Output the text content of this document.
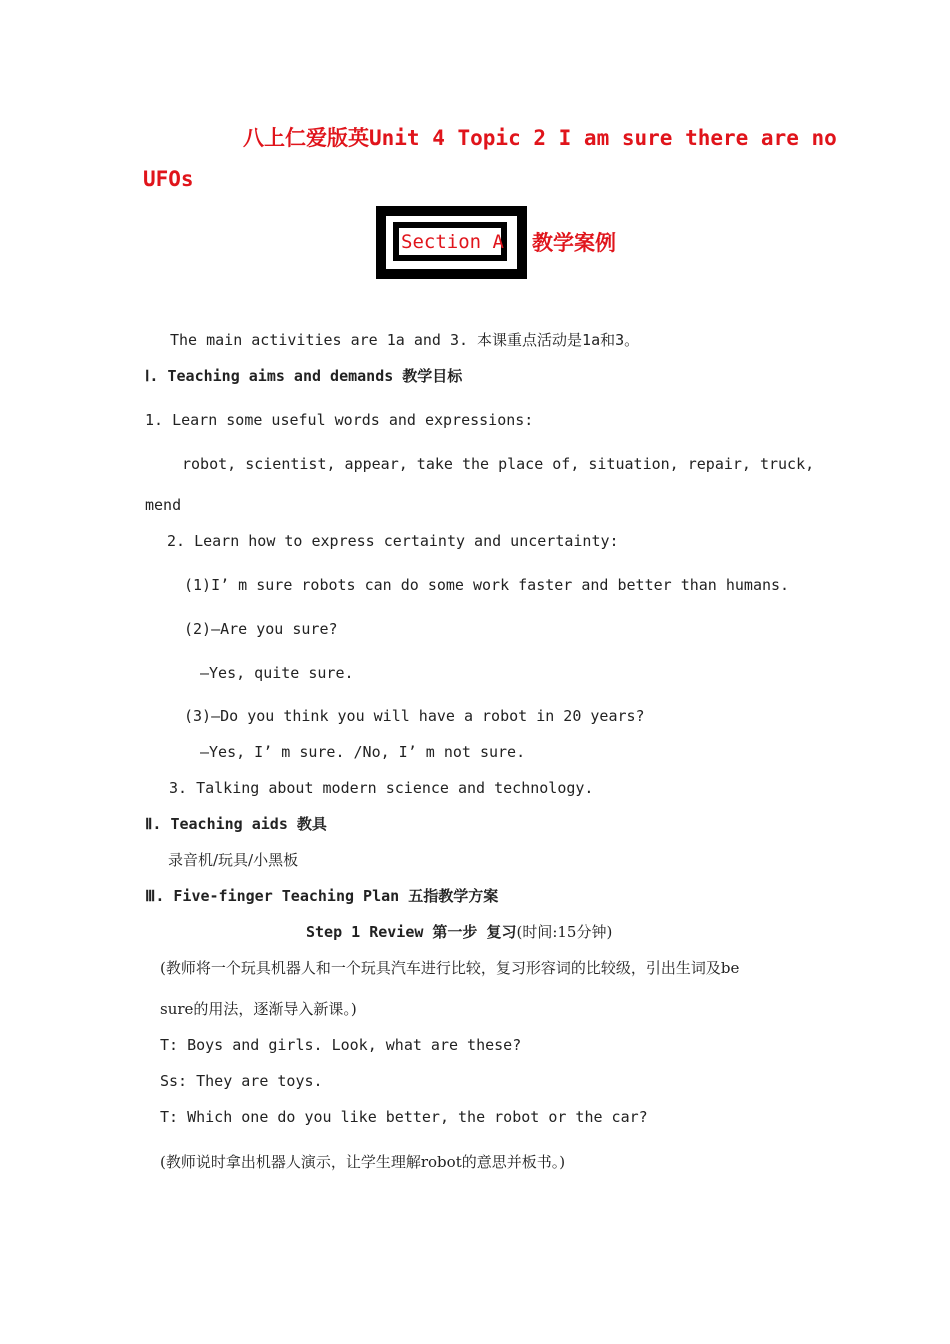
八上仁爱版英Unit 4 Topic 2 I am sure there are no
UFOs
Section A 教学案例
The main activities are 1a and 3. 本课重点活动是1a和3。
Ⅰ. Teaching aims and demands 教学目标
1. Learn some useful words and expressions:
robot, scientist, appear, take the place of, situation, repair, truck,
mend
2. Learn how to express certainty and uncertainty:
(1)I’ m sure robots can do some work faster and better than humans.
(2)—Are you sure?
—Yes, quite sure.
(3)—Do you think you will have a robot in 20 years?
—Yes, I’ m sure. /No, I’ m not sure.
3. Talking about modern science and technology.
Ⅱ. Teaching aids 教具
录音机/玩具/小黑板
Ⅲ. Five-finger Teaching Plan 五指教学方案
Step 1 Review 第一步 复习(时间:15分钟)
(教师将一个玩具机器人和一个玩具汽车进行比较，复习形容词的比较级，引出生词及be
sure的用法，逐渐导入新课。)
T: Boys and girls. Look, what are these?
Ss: They are toys.
T: Which one do you like better, the robot or the car?
(教师说时拿出机器人演示，让学生理解robot的意思并板书。)
